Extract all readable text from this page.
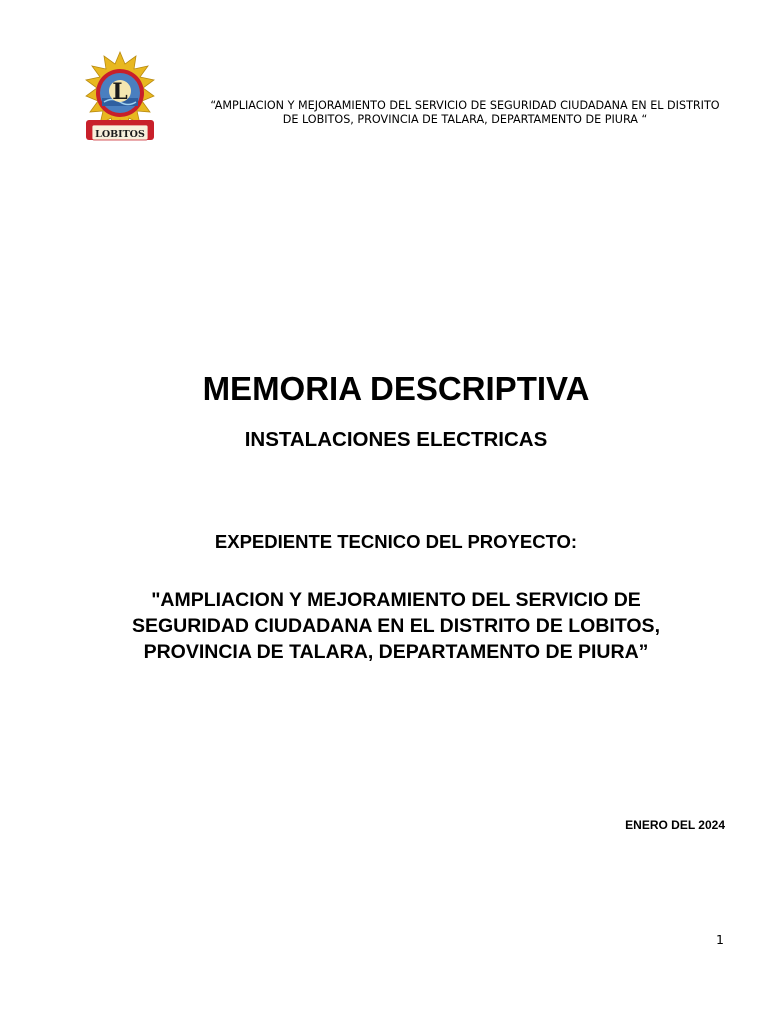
L
LOBITOS
“AMPLIACION Y MEJORAMIENTO DEL SERVICIO DE SEGURIDAD CIUDADANA EN EL DISTRITO DE LOBITOS, PROVINCIA DE TALARA, DEPARTAMENTO DE PIURA “
MEMORIA DESCRIPTIVA
INSTALACIONES ELECTRICAS
EXPEDIENTE TECNICO DEL PROYECTO:
"AMPLIACION Y MEJORAMIENTO DEL SERVICIO DE SEGURIDAD CIUDADANA EN EL DISTRITO DE LOBITOS, PROVINCIA DE TALARA, DEPARTAMENTO DE PIURA”
ENERO DEL 2024
1
